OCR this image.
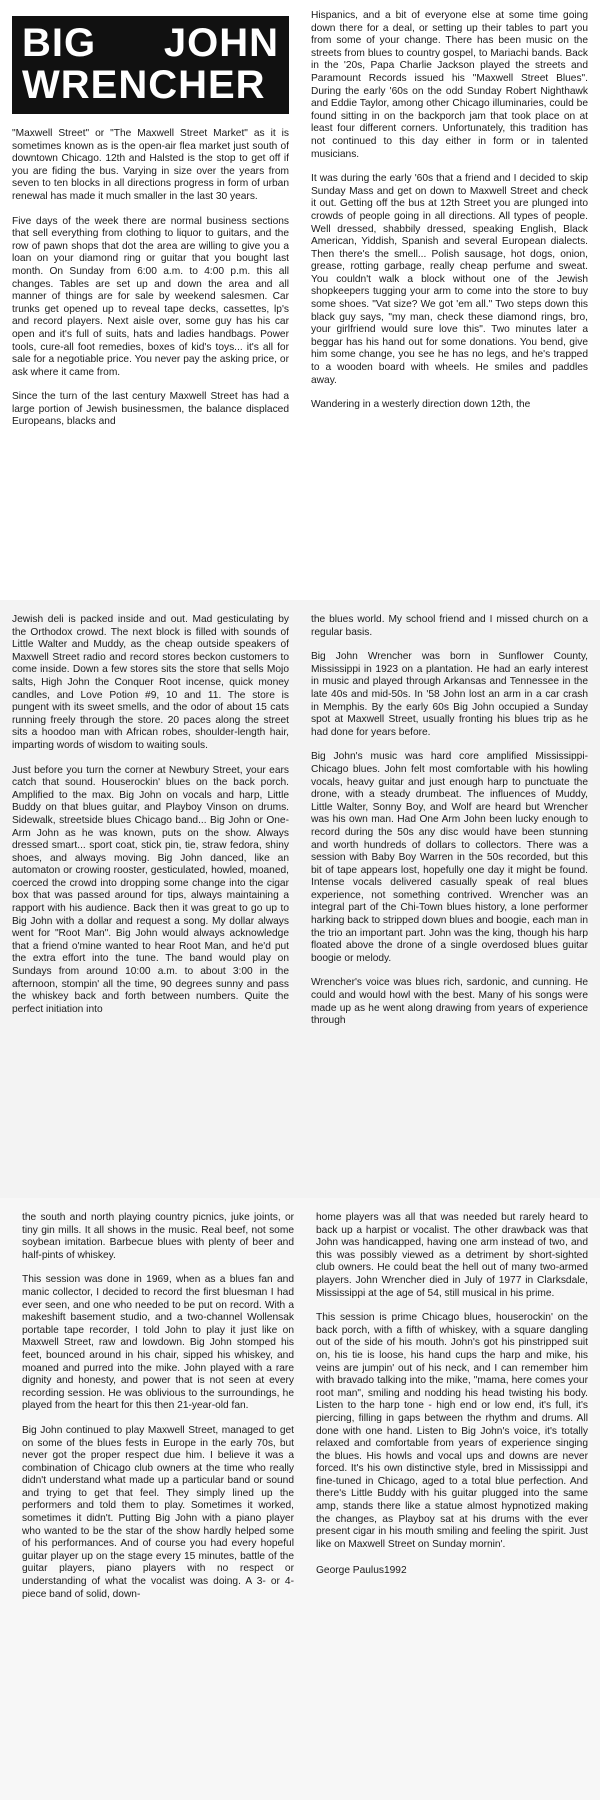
BIG JOHN
WRENCHER

"Maxwell Street" or "The Maxwell Street Market" as it is sometimes known as is the open-air flea market just south of downtown Chicago. 12th and Halsted is the stop to get off if you are fiding the bus. Varying in size over the years from seven to ten blocks in all directions progress in form of urban renewal has made it much smaller in the last 30 years.

Five days of the week there are normal business sections that sell everything from clothing to liquor to guitars, and the row of pawn shops that dot the area are willing to give you a loan on your diamond ring or guitar that you bought last month. On Sunday from 6:00 a.m. to 4:00 p.m. this all changes. Tables are set up and down the area and all manner of things are for sale by weekend salesmen. Car trunks get opened up to reveal tape decks, cassettes, lp's and record players. Next aisle over, some guy has his car open and it's full of suits, hats and ladies handbags. Power tools, cure-all foot remedies, boxes of kid's toys... it's all for sale for a negotiable price. You never pay the asking price, or ask where it came from.

Since the turn of the last century Maxwell Street has had a large portion of Jewish businessmen, the balance displaced Europeans, blacks and

Hispanics, and a bit of everyone else at some time going down there for a deal, or setting up their tables to part you from some of your change. There has been music on the streets from blues to country gospel, to Mariachi bands. Back in the '20s, Papa Charlie Jackson played the streets and Paramount Records issued his "Maxwell Street Blues". During the early '60s on the odd Sunday Robert Nighthawk and Eddie Taylor, among other Chicago illuminaries, could be found sitting in on the backporch jam that took place on at least four different corners. Unfortunately, this tradition has not continued to this day either in form or in talented musicians.

It was during the early '60s that a friend and I decided to skip Sunday Mass and get on down to Maxwell Street and check it out. Getting off the bus at 12th Street you are plunged into crowds of people going in all directions. All types of people. Well dressed, shabbily dressed, speaking English, Black American, Yiddish, Spanish and several European dialects. Then there's the smell... Polish sausage, hot dogs, onion, grease, rotting garbage, really cheap perfume and sweat. You couldn't walk a block without one of the Jewish shopkeepers tugging your arm to come into the store to buy some shoes. "Vat size? We got 'em all." Two steps down this black guy says, "my man, check these diamond rings, bro, your girlfriend would sure love this". Two minutes later a beggar has his hand out for some donations. You bend, give him some change, you see he has no legs, and he's trapped to a wooden board with wheels. He smiles and paddles away.

Wandering in a westerly direction down 12th, the

Jewish deli is packed inside and out. Mad gesticulating by the Orthodox crowd. The next block is filled with sounds of Little Walter and Muddy, as the cheap outside speakers of Maxwell Street radio and record stores beckon customers to come inside. Down a few stores sits the store that sells Mojo salts, High John the Conquer Root incense, quick money candles, and Love Potion #9, 10 and 11. The store is pungent with its sweet smells, and the odor of about 15 cats running freely through the store. 20 paces along the street sits a hoodoo man with African robes, shoulder-length hair, imparting words of wisdom to waiting souls.

Just before you turn the corner at Newbury Street, your ears catch that sound. Houserockin' blues on the back porch. Amplified to the max. Big John on vocals and harp, Little Buddy on that blues guitar, and Playboy Vinson on drums. Sidewalk, streetside blues Chicago band... Big John or One-Arm John as he was known, puts on the show. Always dressed smart... sport coat, stick pin, tie, straw fedora, shiny shoes, and always moving. Big John danced, like an automaton or crowing rooster, gesticulated, howled, moaned, coerced the crowd into dropping some change into the cigar box that was passed around for tips, always maintaining a rapport with his audience. Back then it was great to go up to Big John with a dollar and request a song. My dollar always went for "Root Man". Big John would always acknowledge that a friend o'mine wanted to hear Root Man, and he'd put the extra effort into the tune. The band would play on Sundays from around 10:00 a.m. to about 3:00 in the afternoon, stompin' all the time, 90 degrees sunny and pass the whiskey back and forth between numbers. Quite the perfect initiation into

the blues world. My school friend and I missed church on a regular basis.

Big John Wrencher was born in Sunflower County, Mississippi in 1923 on a plantation. He had an early interest in music and played through Arkansas and Tennessee in the late 40s and mid-50s. In '58 John lost an arm in a car crash in Memphis. By the early 60s Big John occupied a Sunday spot at Maxwell Street, usually fronting his blues trip as he had done for years before.

Big John's music was hard core amplified Mississippi-Chicago blues. John felt most comfortable with his howling vocals, heavy guitar and just enough harp to punctuate the drone, with a steady drumbeat. The influences of Muddy, Little Walter, Sonny Boy, and Wolf are heard but Wrencher was his own man. Had One Arm John been lucky enough to record during the 50s any disc would have been stunning and worth hundreds of dollars to collectors. There was a session with Baby Boy Warren in the 50s recorded, but this bit of tape appears lost, hopefully one day it might be found. Intense vocals delivered casually speak of real blues experience, not something contrived. Wrencher was an integral part of the Chi-Town blues history, a lone performer harking back to stripped down blues and boogie, each man in the trio an important part. John was the king, though his harp floated above the drone of a single overdosed blues guitar boogie or melody.

Wrencher's voice was blues rich, sardonic, and cunning. He could and would howl with the best. Many of his songs were made up as he went along drawing from years of experience through

the south and north playing country picnics, juke joints, or tiny gin mills. It all shows in the music. Real beef, not some soybean imitation. Barbecue blues with plenty of beer and half-pints of whiskey.

This session was done in 1969, when as a blues fan and manic collector, I decided to record the first bluesman I had ever seen, and one who needed to be put on record. With a makeshift basement studio, and a two-channel Wollensak portable tape recorder, I told John to play it just like on Maxwell Street, raw and lowdown. Big John stomped his feet, bounced around in his chair, sipped his whiskey, and moaned and purred into the mike. John played with a rare dignity and honesty, and power that is not seen at every recording session. He was oblivious to the surroundings, he played from the heart for this then 21-year-old fan.

Big John continued to play Maxwell Street, managed to get on some of the blues fests in Europe in the early 70s, but never got the proper respect due him. I believe it was a combination of Chicago club owners at the time who really didn't understand what made up a particular band or sound and trying to get that feel. They simply lined up the performers and told them to play. Sometimes it worked, sometimes it didn't. Putting Big John with a piano player who wanted to be the star of the show hardly helped some of his performances. And of course you had every hopeful guitar player up on the stage every 15 minutes, battle of the guitar players, piano players with no respect or understanding of what the vocalist was doing. A 3- or 4-piece band of solid, down-

home players was all that was needed but rarely heard to back up a harpist or vocalist. The other drawback was that John was handicapped, having one arm instead of two, and this was possibly viewed as a detriment by short-sighted club owners. He could beat the hell out of many two-armed players. John Wrencher died in July of 1977 in Clarksdale, Mississippi at the age of 54, still musical in his prime.

This session is prime Chicago blues, houserockin' on the back porch, with a fifth of whiskey, with a square dangling out of the side of his mouth. John's got his pinstripped suit on, his tie is loose, his hand cups the harp and mike, his veins are jumpin' out of his neck, and I can remember him with bravado talking into the mike, "mama, here comes your root man", smiling and nodding his head twisting his body. Listen to the harp tone - high end or low end, it's full, it's piercing, filling in gaps between the rhythm and drums. All done with one hand. Listen to Big John's voice, it's totally relaxed and comfortable from years of experience singing the blues. His howls and vocal ups and downs are never forced. It's his own distinctive style, bred in Mississippi and fine-tuned in Chicago, aged to a total blue perfection. And there's Little Buddy with his guitar plugged into the same amp, stands there like a statue almost hypnotized making the changes, as Playboy sat at his drums with the ever present cigar in his mouth smiling and feeling the spirit. Just like on Maxwell Street on Sunday mornin'.

George Paulus1992
